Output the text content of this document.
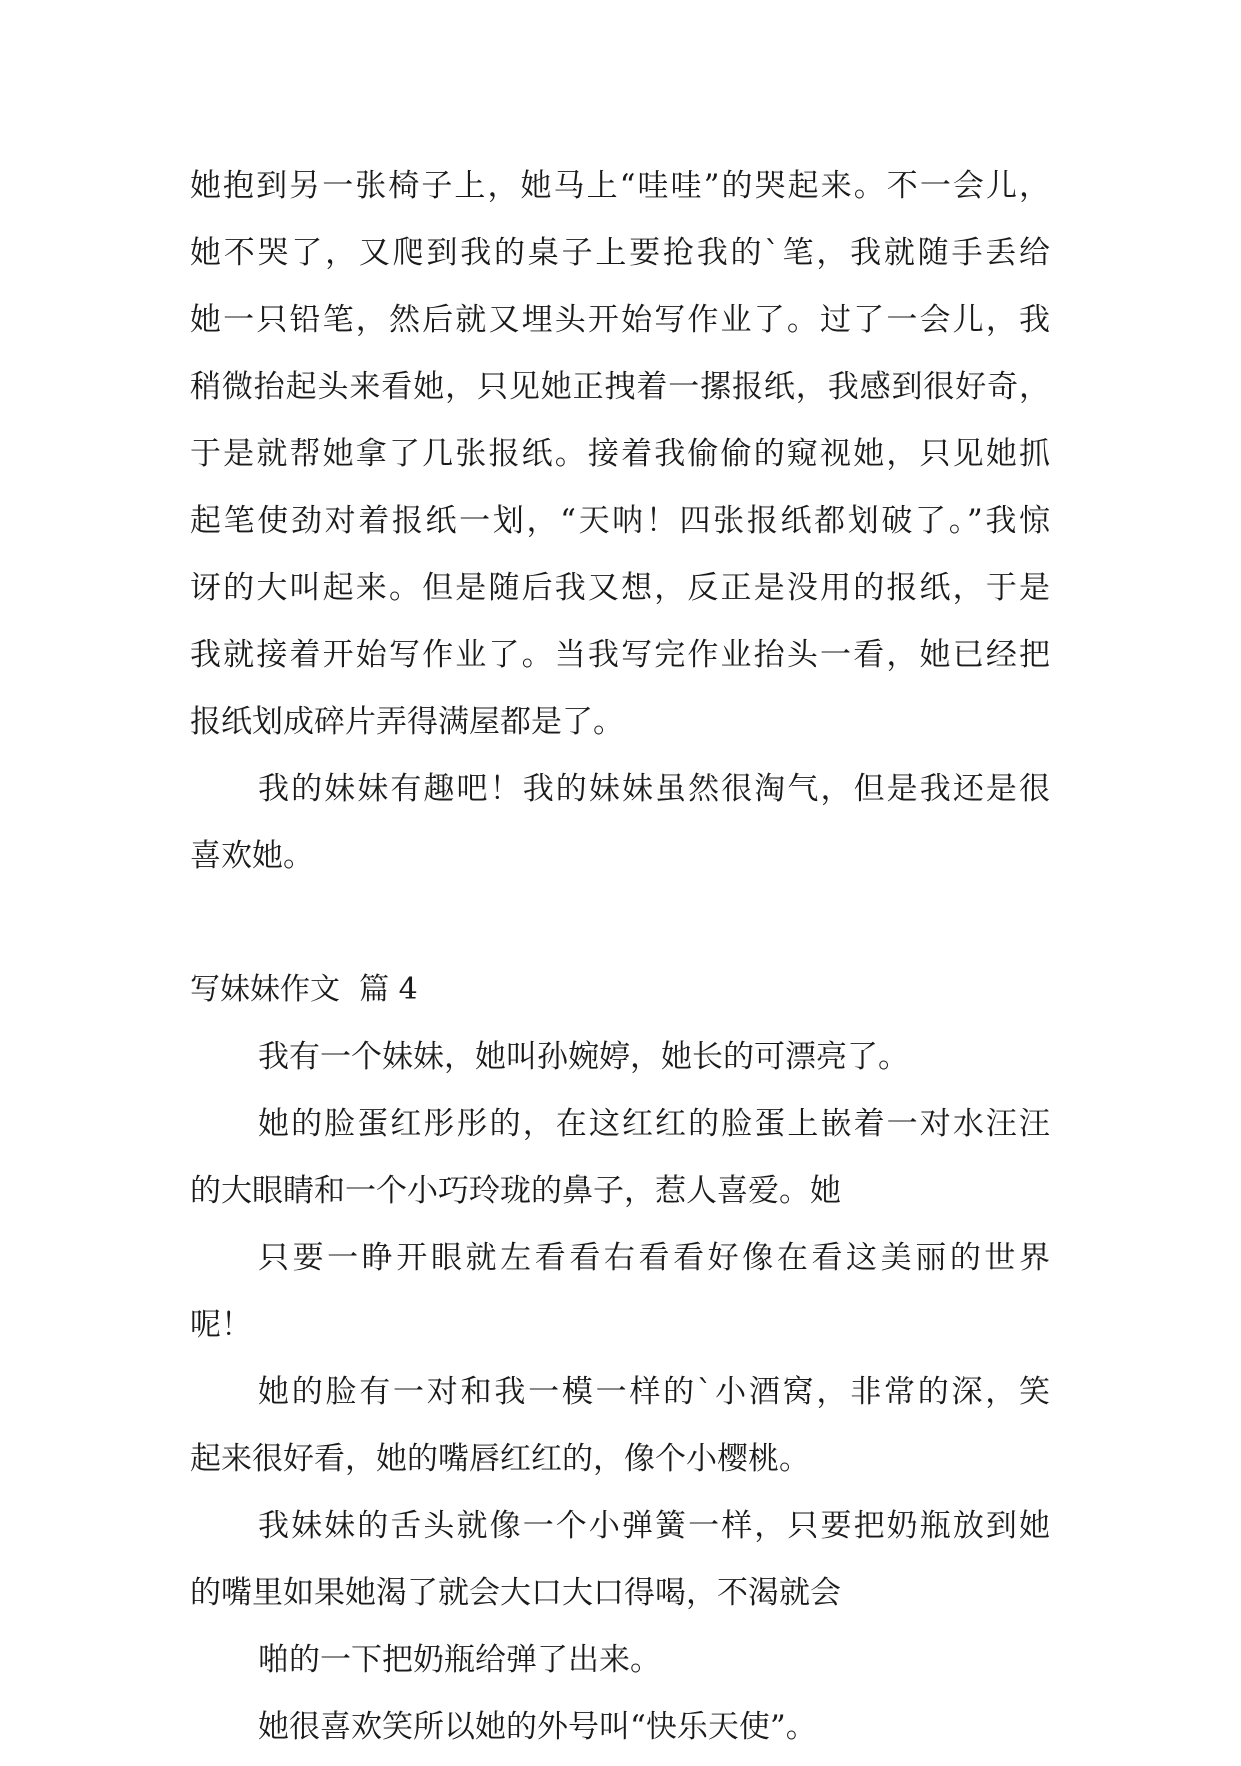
她抱到另一张椅子上，她马上“哇哇”的哭起来。不一会儿，
她不哭了，又爬到我的桌子上要抢我的`笔，我就随手丢给
她一只铅笔，然后就又埋头开始写作业了。过了一会儿，我
稍微抬起头来看她，只见她正拽着一摞报纸，我感到很好奇，
于是就帮她拿了几张报纸。接着我偷偷的窥视她，只见她抓
起笔使劲对着报纸一划，“天呐！四张报纸都划破了。”我惊
讶的大叫起来。但是随后我又想，反正是没用的报纸，于是
我就接着开始写作业了。当我写完作业抬头一看，她已经把
报纸划成碎片弄得满屋都是了。
我的妹妹有趣吧！我的妹妹虽然很淘气，但是我还是很
喜欢她。
写妹妹作文  篇 4
我有一个妹妹，她叫孙婉婷，她长的可漂亮了。
她的脸蛋红彤彤的，在这红红的脸蛋上嵌着一对水汪汪
的大眼睛和一个小巧玲珑的鼻子，惹人喜爱。她
只要一睁开眼就左看看右看看好像在看这美丽的世界
呢！
她的脸有一对和我一模一样的`小酒窝，非常的深，笑
起来很好看，她的嘴唇红红的，像个小樱桃。
我妹妹的舌头就像一个小弹簧一样，只要把奶瓶放到她
的嘴里如果她渴了就会大口大口得喝，不渴就会
啪的一下把奶瓶给弹了出来。
她很喜欢笑所以她的外号叫“快乐天使”。
